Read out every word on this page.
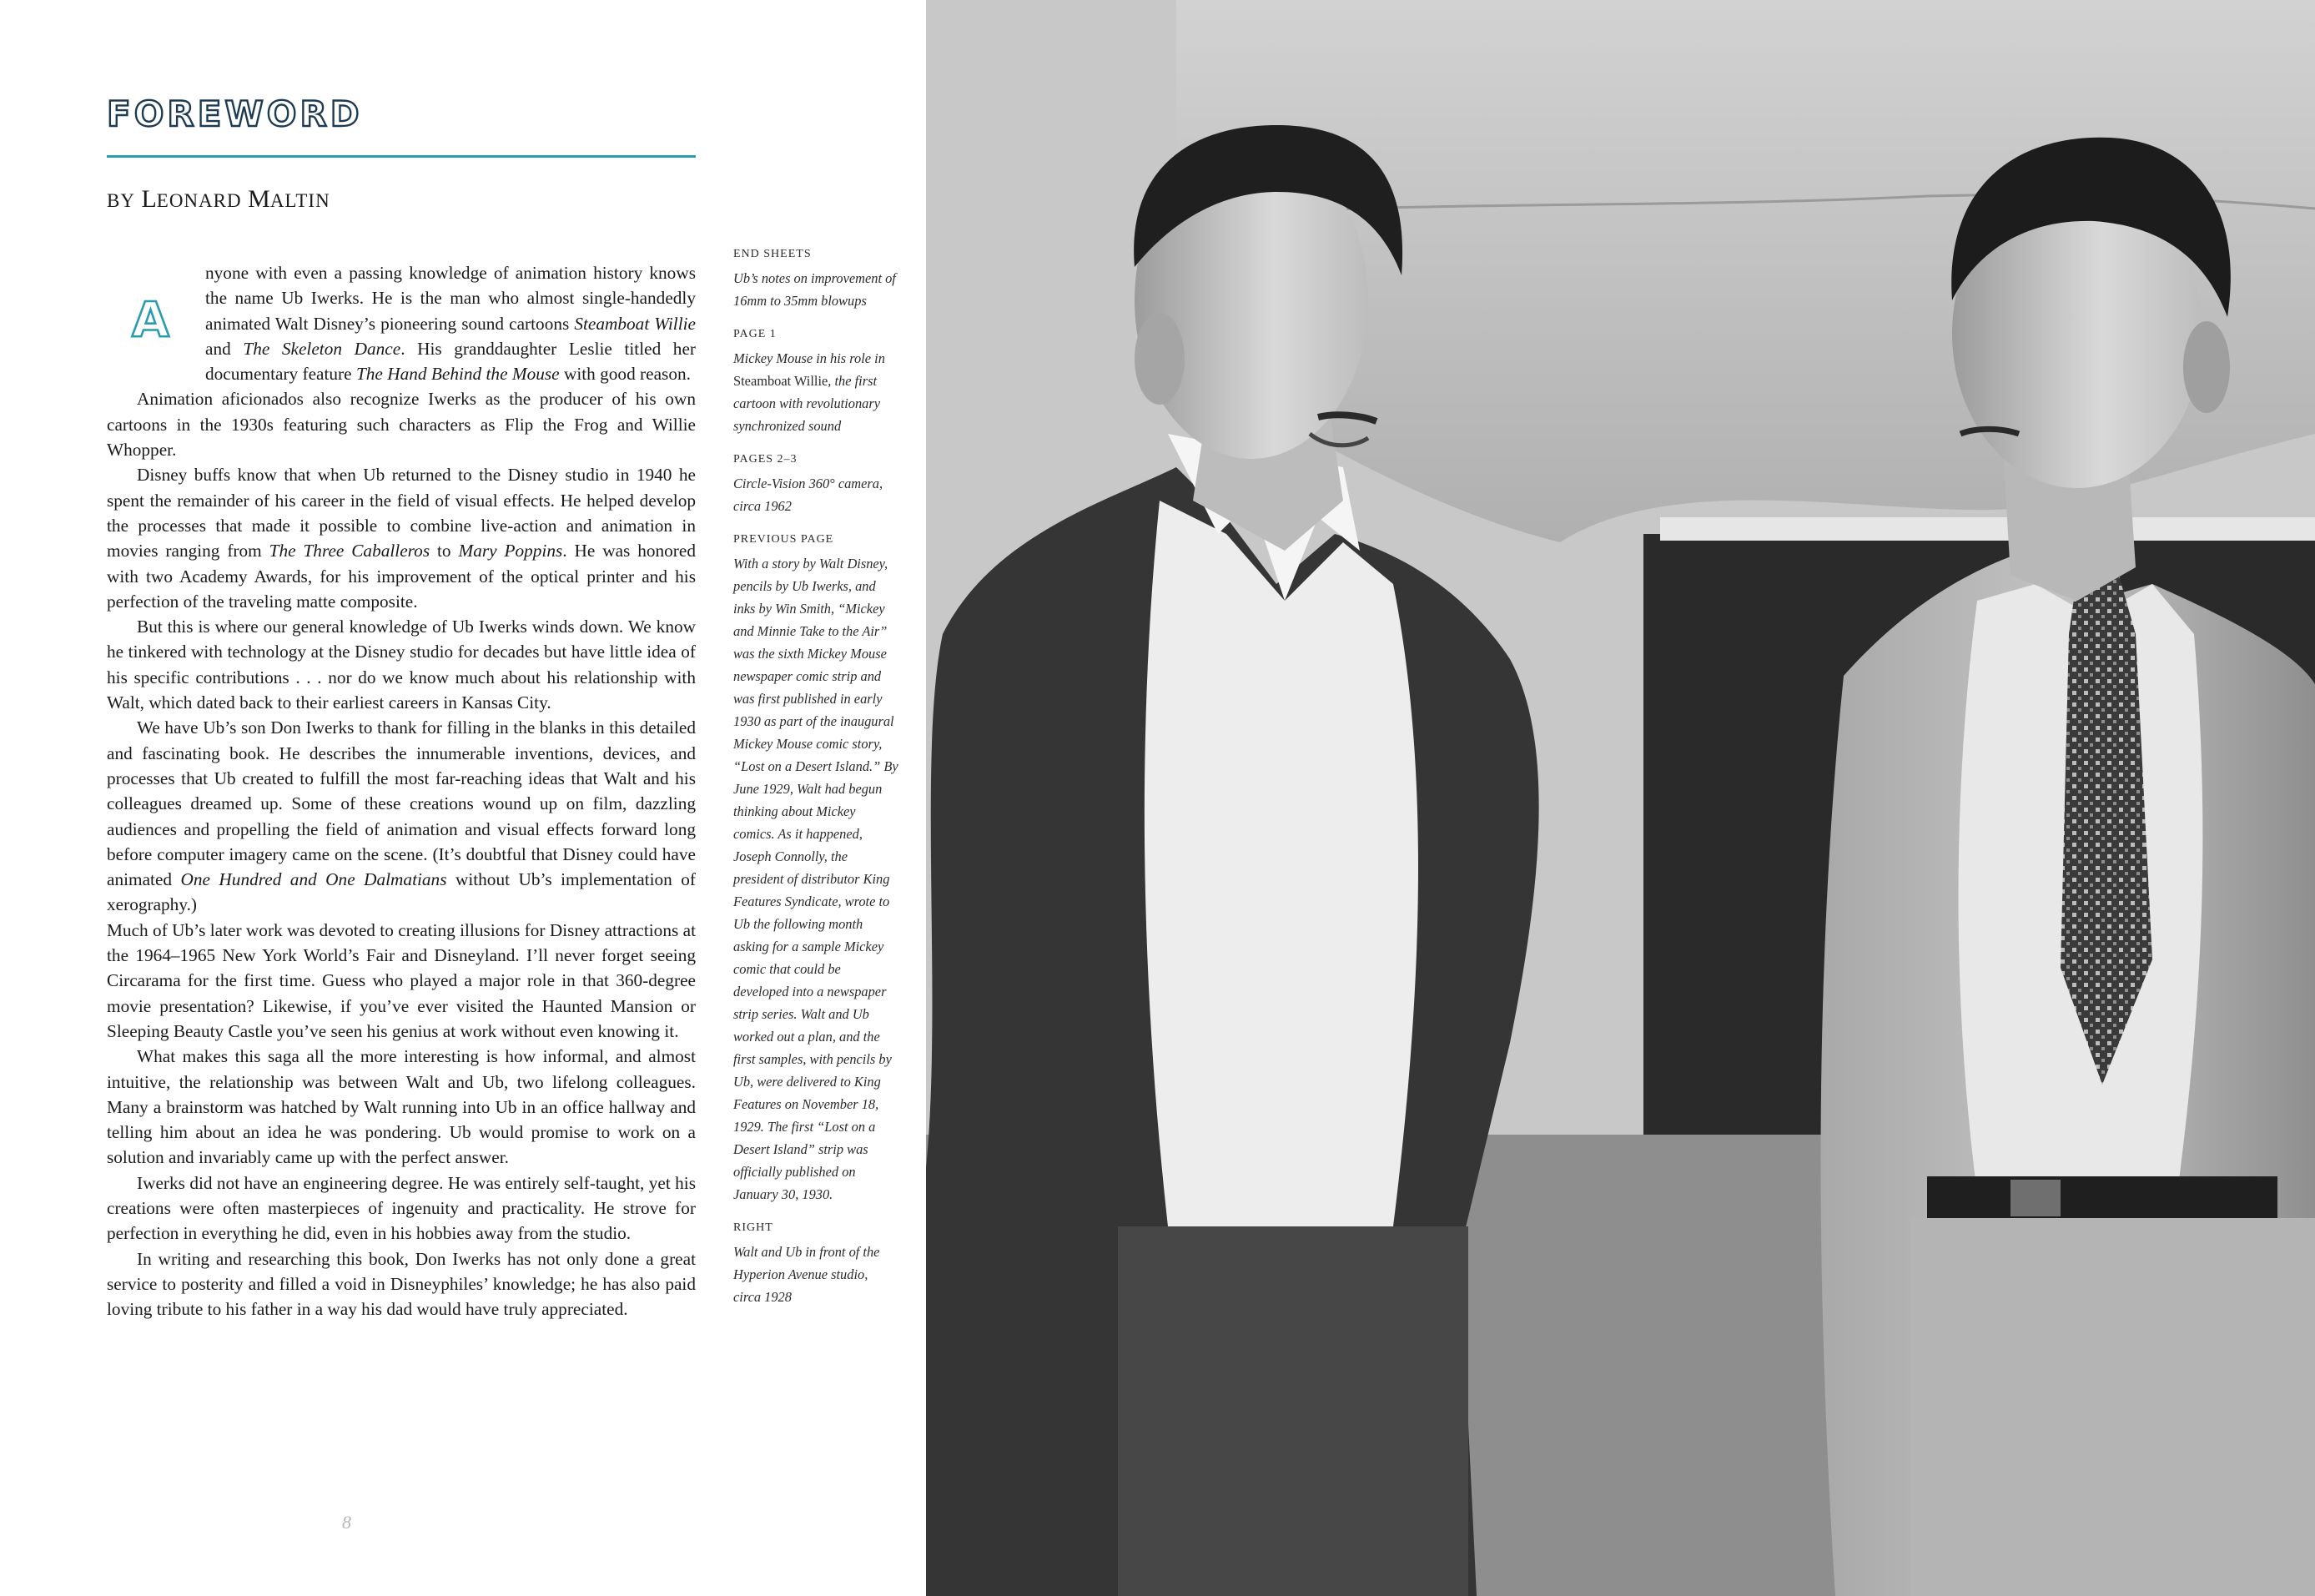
FOREWORD
BY LEONARD MALTIN
A

nyone with even a passing knowledge of animation history knows the name Ub Iwerks. He is the man who almost single-handedly animated Walt Disney’s pioneering sound cartoons Steamboat Willie and The Skeleton Dance. His granddaughter Leslie titled her documentary feature The Hand Behind the Mouse with good reason.

Animation aficionados also recognize Iwerks as the producer of his own cartoons in the 1930s featuring such characters as Flip the Frog and Willie Whopper.

Disney buffs know that when Ub returned to the Disney studio in 1940 he spent the remainder of his career in the field of visual effects. He helped develop the processes that made it possible to combine live-action and animation in movies ranging from The Three Caballeros to Mary Poppins. He was honored with two Academy Awards, for his improvement of the optical printer and his perfection of the traveling matte composite.

But this is where our general knowledge of Ub Iwerks winds down. We know he tinkered with technology at the Disney studio for decades but have little idea of his specific contributions . . . nor do we know much about his relationship with Walt, which dated back to their earliest careers in Kansas City.

We have Ub’s son Don Iwerks to thank for filling in the blanks in this detailed and fascinating book. He describes the innumerable inventions, devices, and processes that Ub created to fulfill the most far-reaching ideas that Walt and his colleagues dreamed up. Some of these creations wound up on film, dazzling audiences and propelling the field of animation and visual effects forward long before computer imagery came on the scene. (It’s doubtful that Disney could have animated One Hundred and One Dalmatians without Ub’s implementation of xerography.)

Much of Ub’s later work was devoted to creating illusions for Disney attractions at the 1964–1965 New York World’s Fair and Disneyland. I’ll never forget seeing Circarama for the first time. Guess who played a major role in that 360-degree movie presentation? Likewise, if you’ve ever visited the Haunted Mansion or Sleeping Beauty Castle you’ve seen his genius at work without even knowing it.

What makes this saga all the more interesting is how informal, and almost intuitive, the relationship was between Walt and Ub, two lifelong colleagues. Many a brainstorm was hatched by Walt running into Ub in an office hallway and telling him about an idea he was pondering. Ub would promise to work on a solution and invariably came up with the perfect answer.

Iwerks did not have an engineering degree. He was entirely self-taught, yet his creations were often masterpieces of ingenuity and practicality. He strove for perfection in everything he did, even in his hobbies away from the studio.

In writing and researching this book, Don Iwerks has not only done a great service to posterity and filled a void in Disneyphiles’ knowledge; he has also paid loving tribute to his father in a way his dad would have truly appreciated.

8
END SHEETS
Ub’s notes on improvement of 16mm to 35mm blowups
PAGE 1
Mickey Mouse in his role in Steamboat Willie, the first cartoon with revolutionary synchronized sound
PAGES 2–3
Circle-Vision 360° camera, circa 1962
PREVIOUS PAGE
With a story by Walt Disney, pencils by Ub Iwerks, and inks by Win Smith, “Mickey and Minnie Take to the Air” was the sixth Mickey Mouse newspaper comic strip and was first published in early 1930 as part of the inaugural Mickey Mouse comic story, “Lost on a Desert Island.” By June 1929, Walt had begun thinking about Mickey comics. As it happened, Joseph Connolly, the president of distributor King Features Syndicate, wrote to Ub the following month asking for a sample Mickey comic that could be developed into a newspaper strip series. Walt and Ub worked out a plan, and the first samples, with pencils by Ub, were delivered to King Features on November 18, 1929. The first “Lost on a Desert Island” strip was officially published on January 30, 1930.
RIGHT
Walt and Ub in front of the Hyperion Avenue studio, circa 1928
